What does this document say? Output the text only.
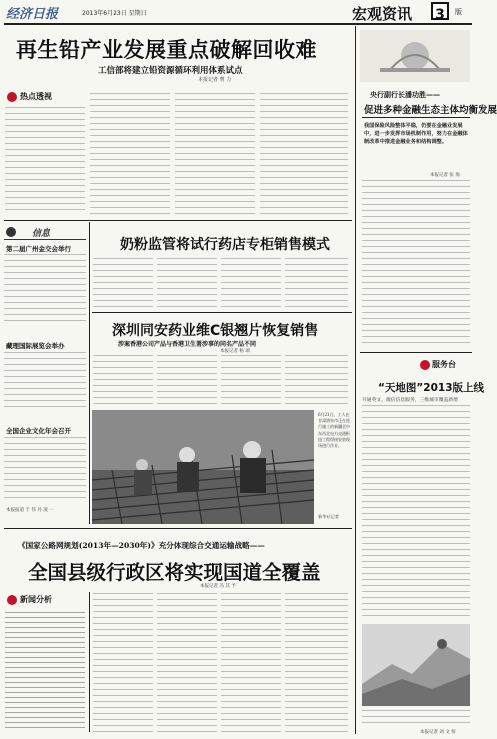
经济日报	2013年6月23日 星期日	宏观资讯 3	版
再生铅产业发展重点破解回收难
工信部将建立铅资源循环利用体系试点
本报记者 曹 力
热点透视
信息
第二届广州金交会举行
藏理国际展览会举办
全国企业文化年会召开
本报报道 于 伟 丹 凌 一
奶粉监管将试行药店专柜销售模式
深圳同安药业维C银翘片恢复销售
涉案香港公司产品与香港卫生署涉事的同名产品不同
本报记者 杨 颂
6月21日，工人在甘肃酒泉市正在进行施工的新疆至中东西北电力交通枢纽工程焊接安装现场进行作业。
新华社记者
《国家公路网规划(2013年—2030年)》充分体现综合交通运输战略——
全国县级行政区将实现国道全覆盖
本报记者 冯 其 予
新闻分析
央行副行长潘功胜——
促进多种金融生态主体均衡发展
我国保险风险整体平稳，仍要在金融业发展中，进一步发挥市场机制作用，努力在金融体制改革中推进金融业务和结构调整。
本报记者 张 海
服务台
“天地图”2013版上线
开通英文、微信信息服务，三维城市覆盖新增
本报记者 刘 文 恒
